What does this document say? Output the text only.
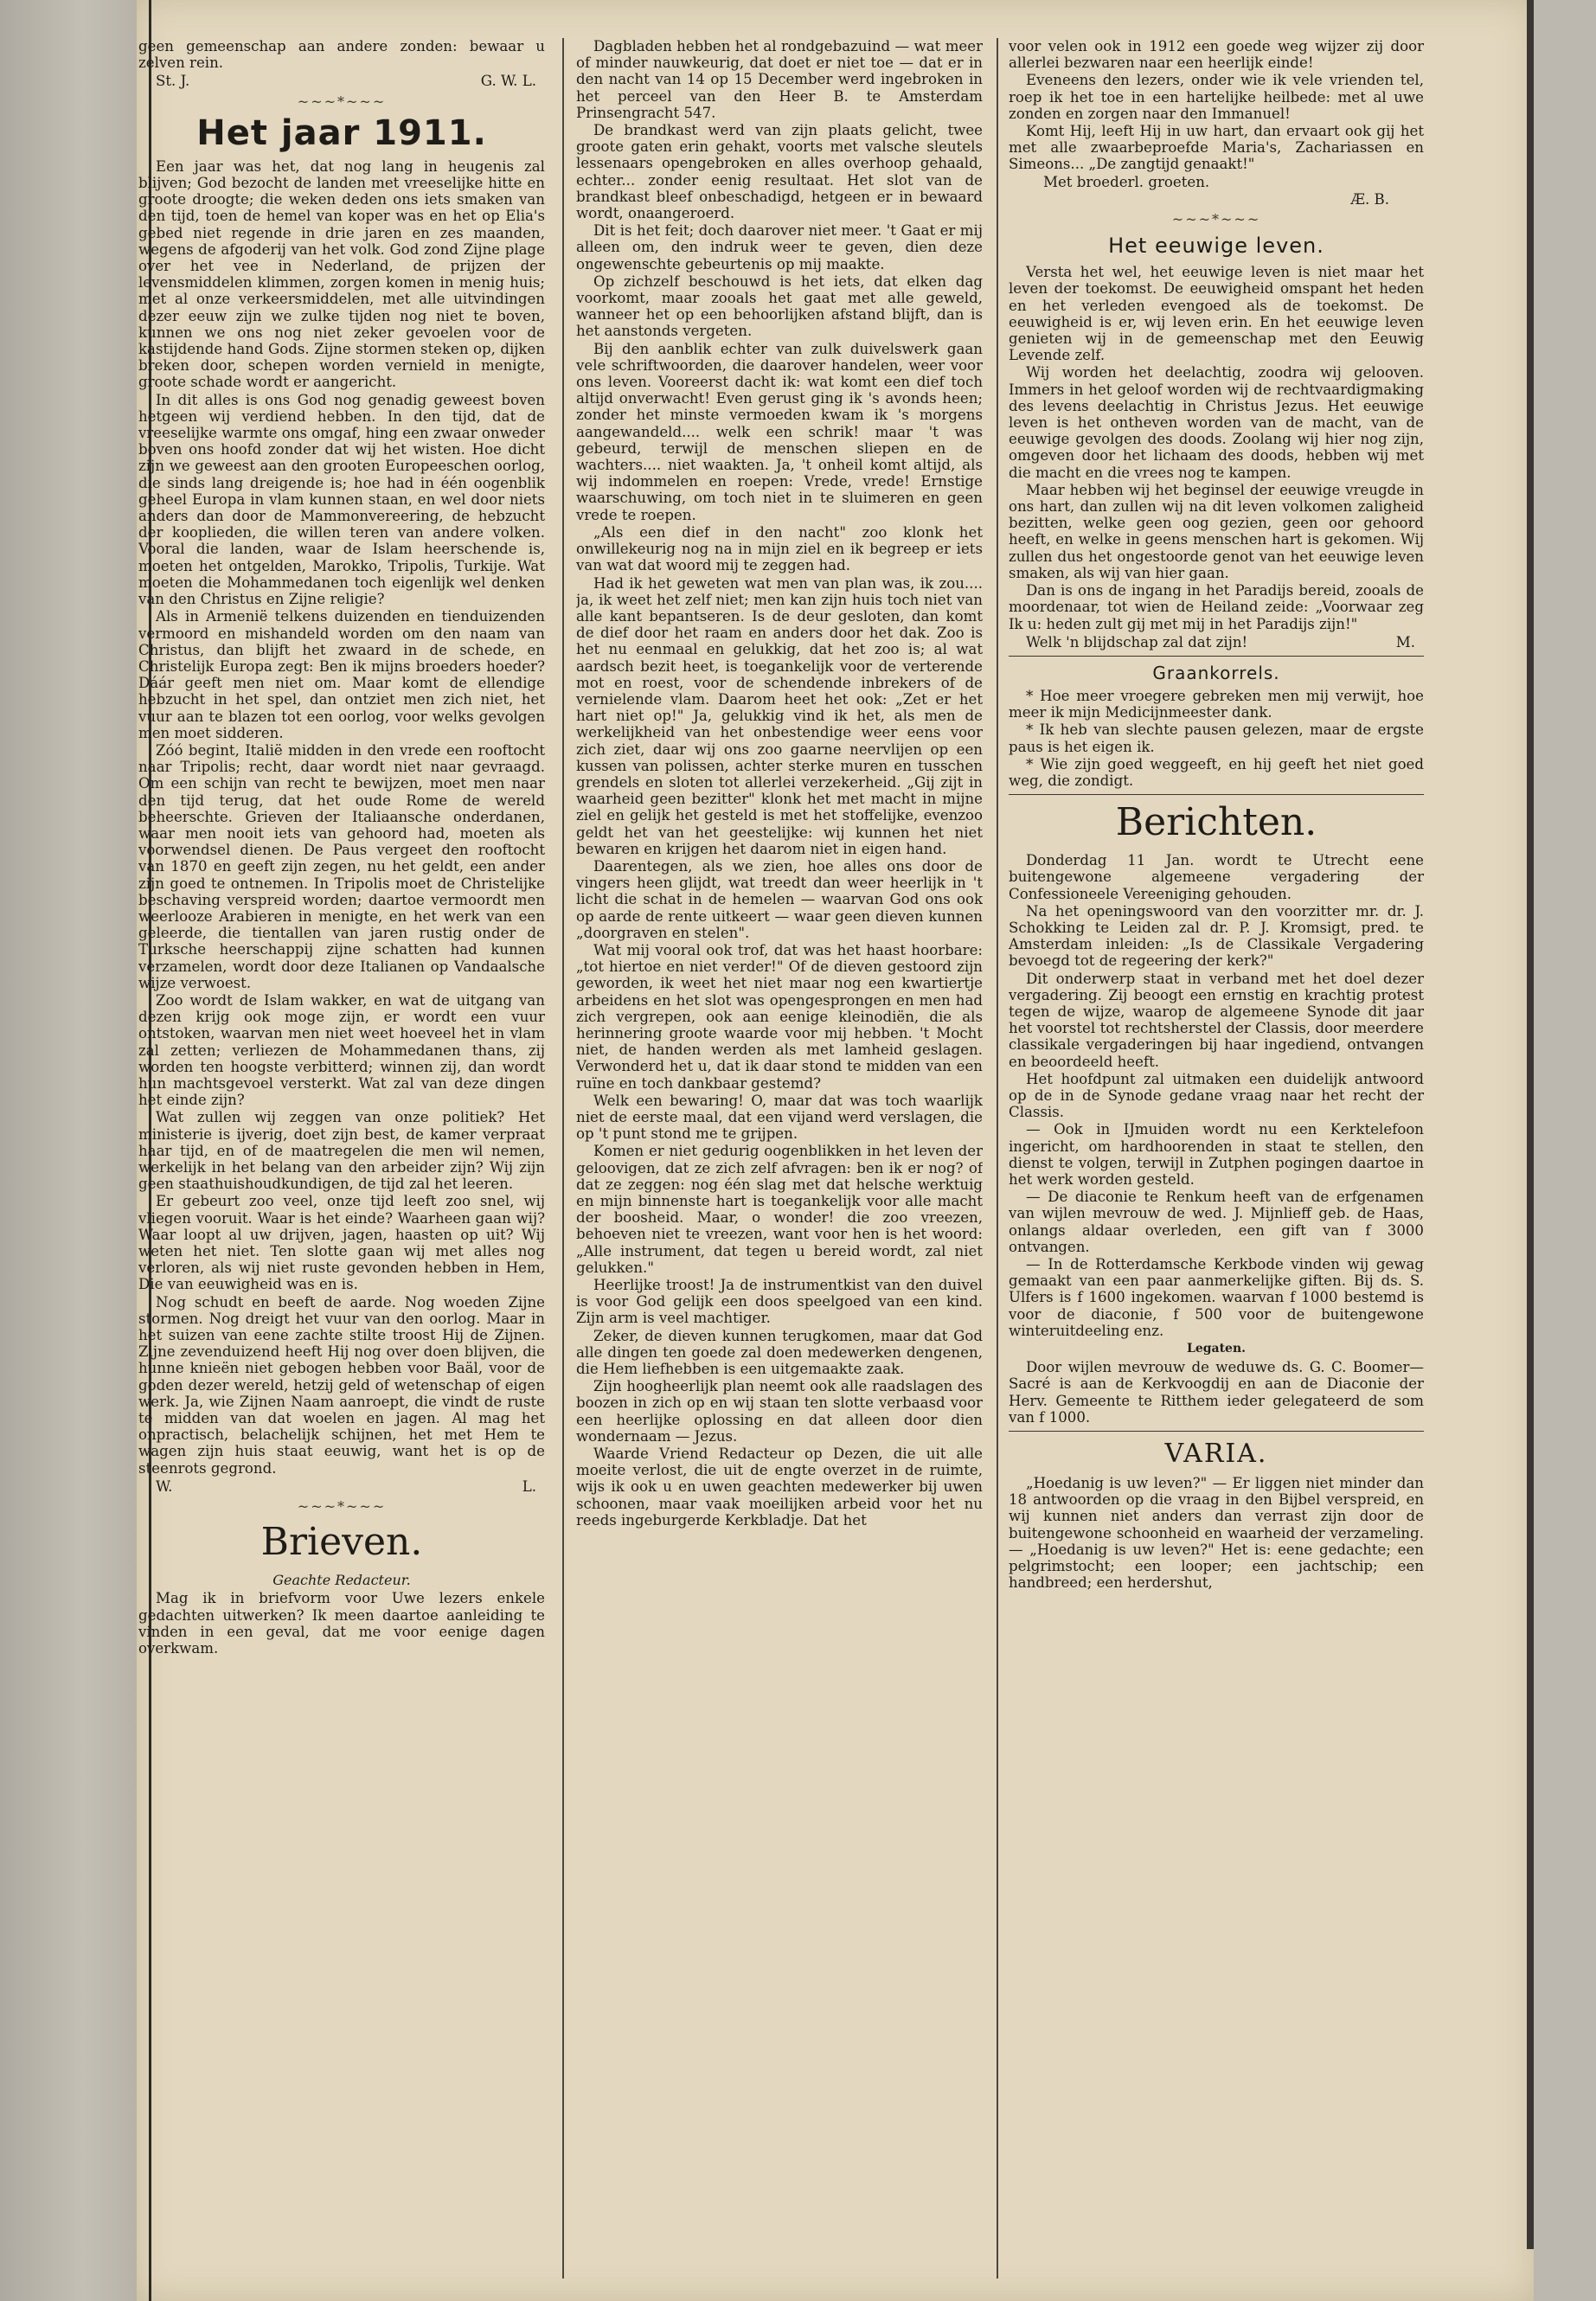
geen gemeenschap aan andere zonden: bewaar u zelven rein.

St. J.	G. W. L.
~~~*~~~
Het jaar 1911.

Een jaar was het, dat nog lang in heugenis zal blijven; God bezocht de landen met vreeselijke hitte en groote droogte; die weken deden ons iets smaken van den tijd, toen de hemel van koper was en het op Elia's gebed niet regende in drie jaren en zes maanden, wegens de afgoderij van het volk. God zond Zijne plage over het vee in Nederland, de prijzen der levensmiddelen klimmen, zorgen komen in menig huis; met al onze verkeersmiddelen, met alle uitvindingen dezer eeuw zijn we zulke tijden nog niet te boven, kunnen we ons nog niet zeker gevoelen voor de kastijdende hand Gods. Zijne stormen steken op, dijken breken door, schepen worden vernield in menigte, groote schade wordt er aangericht.

In dit alles is ons God nog genadig geweest boven hetgeen wij verdiend hebben. In den tijd, dat de vreeselijke warmte ons omgaf, hing een zwaar onweder boven ons hoofd zonder dat wij het wisten. Hoe dicht zijn we geweest aan den grooten Europeeschen oorlog, die sinds lang dreigende is; hoe had in één oogenblik geheel Europa in vlam kunnen staan, en wel door niets anders dan door de Mammonvereering, de hebzucht der kooplieden, die willen teren van andere volken. Vooral die landen, waar de Islam heerschende is, moeten het ontgelden, Marokko, Tripolis, Turkije. Wat moeten die Mohammedanen toch eigenlijk wel denken van den Christus en Zijne religie?

Als in Armenië telkens duizenden en tienduizenden vermoord en mishandeld worden om den naam van Christus, dan blijft het zwaard in de schede, en Christelijk Europa zegt: Ben ik mijns broeders hoeder? Dáár geeft men niet om. Maar komt de ellendige hebzucht in het spel, dan ontziet men zich niet, het vuur aan te blazen tot een oorlog, voor welks gevolgen men moet sidderen.

Zóó begint, Italië midden in den vrede een rooftocht naar Tripolis; recht, daar wordt niet naar gevraagd. Om een schijn van recht te bewijzen, moet men naar den tijd terug, dat het oude Rome de wereld beheerschte. Grieven der Italiaansche onderdanen, waar men nooit iets van gehoord had, moeten als voorwendsel dienen. De Paus vergeet den rooftocht van 1870 en geeft zijn zegen, nu het geldt, een ander zijn goed te ontnemen. In Tripolis moet de Christelijke beschaving verspreid worden; daartoe vermoordt men weerlooze Arabieren in menigte, en het werk van een geleerde, die tientallen van jaren rustig onder de Turksche heerschappij zijne schatten had kunnen verzamelen, wordt door deze Italianen op Vandaalsche wijze verwoest.

Zoo wordt de Islam wakker, en wat de uitgang van dezen krijg ook moge zijn, er wordt een vuur ontstoken, waarvan men niet weet hoeveel het in vlam zal zetten; verliezen de Mohammedanen thans, zij worden ten hoogste verbitterd; winnen zij, dan wordt hun machtsgevoel versterkt. Wat zal van deze dingen het einde zijn?

Wat zullen wij zeggen van onze politiek? Het ministerie is ijverig, doet zijn best, de kamer verpraat haar tijd, en of de maatregelen die men wil nemen, werkelijk in het belang van den arbeider zijn? Wij zijn geen staathuishoudkundigen, de tijd zal het leeren.

Er gebeurt zoo veel, onze tijd leeft zoo snel, wij vliegen vooruit. Waar is het einde? Waarheen gaan wij? Waar loopt al uw drijven, jagen, haasten op uit? Wij weten het niet. Ten slotte gaan wij met alles nog verloren, als wij niet ruste gevonden hebben in Hem, Die van eeuwigheid was en is.

Nog schudt en beeft de aarde. Nog woeden Zijne stormen. Nog dreigt het vuur van den oorlog. Maar in het suizen van eene zachte stilte troost Hij de Zijnen. Zijne zevenduizend heeft Hij nog over doen blijven, die hunne knieën niet gebogen hebben voor Baäl, voor de goden dezer wereld, hetzij geld of wetenschap of eigen werk. Ja, wie Zijnen Naam aanroept, die vindt de ruste te midden van dat woelen en jagen. Al mag het onpractisch, belachelijk schijnen, het met Hem te wagen zijn huis staat eeuwig, want het is op de steenrots gegrond.

W.	L.
~~~*~~~
Brieven.
Geachte Redacteur.

Mag ik in briefvorm voor Uwe lezers enkele gedachten uitwerken? Ik meen daartoe aanleiding te vinden in een geval, dat me voor eenige dagen overkwam.

Dagbladen hebben het al rondgebazuind — wat meer of minder nauwkeurig, dat doet er niet toe — dat er in den nacht van 14 op 15 December werd ingebroken in het perceel van den Heer B. te Amsterdam Prinsengracht 547.

De brandkast werd van zijn plaats gelicht, twee groote gaten erin gehakt, voorts met valsche sleutels lessenaars opengebroken en alles overhoop gehaald, echter... zonder eenig resultaat. Het slot van de brandkast bleef onbeschadigd, hetgeen er in bewaard wordt, onaangeroerd.

Dit is het feit; doch daarover niet meer. 't Gaat er mij alleen om, den indruk weer te geven, dien deze ongewenschte gebeurtenis op mij maakte.

Op zichzelf beschouwd is het iets, dat elken dag voorkomt, maar zooals het gaat met alle geweld, wanneer het op een behoorlijken afstand blijft, dan is het aanstonds vergeten.

Bij den aanblik echter van zulk duivelswerk gaan vele schriftwoorden, die daarover handelen, weer voor ons leven. Vooreerst dacht ik: wat komt een dief toch altijd onverwacht! Even gerust ging ik 's avonds heen; zonder het minste vermoeden kwam ik 's morgens aangewandeld.... welk een schrik! maar 't was gebeurd, terwijl de menschen sliepen en de wachters.... niet waakten. Ja, 't onheil komt altijd, als wij indommelen en roepen: Vrede, vrede! Ernstige waarschuwing, om toch niet in te sluimeren en geen vrede te roepen.

„Als een dief in den nacht" zoo klonk het onwillekeurig nog na in mijn ziel en ik begreep er iets van wat dat woord mij te zeggen had.

Had ik het geweten wat men van plan was, ik zou.... ja, ik weet het zelf niet; men kan zijn huis toch niet van alle kant bepantseren. Is de deur gesloten, dan komt de dief door het raam en anders door het dak. Zoo is het nu eenmaal en gelukkig, dat het zoo is; al wat aardsch bezit heet, is toegankelijk voor de verterende mot en roest, voor de schendende inbrekers of de vernielende vlam. Daarom heet het ook: „Zet er het hart niet op!" Ja, gelukkig vind ik het, als men de werkelijkheid van het onbestendige weer eens voor zich ziet, daar wij ons zoo gaarne neervlijen op een kussen van polissen, achter sterke muren en tusschen grendels en sloten tot allerlei verzekerheid. „Gij zijt in waarheid geen bezitter" klonk het met macht in mijne ziel en gelijk het gesteld is met het stoffelijke, evenzoo geldt het van het geestelijke: wij kunnen het niet bewaren en krijgen het daarom niet in eigen hand.

Daarentegen, als we zien, hoe alles ons door de vingers heen glijdt, wat treedt dan weer heerlijk in 't licht die schat in de hemelen — waarvan God ons ook op aarde de rente uitkeert — waar geen dieven kunnen „doorgraven en stelen".

Wat mij vooral ook trof, dat was het haast hoorbare: „tot hiertoe en niet verder!" Of de dieven gestoord zijn geworden, ik weet het niet maar nog een kwartiertje arbeidens en het slot was opengesprongen en men had zich vergrepen, ook aan eenige kleinodiën, die als herinnering groote waarde voor mij hebben. 't Mocht niet, de handen werden als met lamheid geslagen. Verwonderd het u, dat ik daar stond te midden van een ruïne en toch dankbaar gestemd?

Welk een bewaring! O, maar dat was toch waarlijk niet de eerste maal, dat een vijand werd verslagen, die op 't punt stond me te grijpen.

Komen er niet gedurig oogenblikken in het leven der geloovigen, dat ze zich zelf afvragen: ben ik er nog? of dat ze zeggen: nog één slag met dat helsche werktuig en mijn binnenste hart is toegankelijk voor alle macht der boosheid. Maar, o wonder! die zoo vreezen, behoeven niet te vreezen, want voor hen is het woord: „Alle instrument, dat tegen u bereid wordt, zal niet gelukken."

Heerlijke troost! Ja de instrumentkist van den duivel is voor God gelijk een doos speelgoed van een kind. Zijn arm is veel machtiger.

Zeker, de dieven kunnen terugkomen, maar dat God alle dingen ten goede zal doen medewerken dengenen, die Hem liefhebben is een uitgemaakte zaak.

Zijn hoogheerlijk plan neemt ook alle raadslagen des boozen in zich op en wij staan ten slotte verbaasd voor een heerlijke oplossing en dat alleen door dien wondernaam — Jezus.

Waarde Vriend Redacteur op Dezen, die uit alle moeite verlost, die uit de engte overzet in de ruimte, wijs ik ook u en uwen geachten medewerker bij uwen schoonen, maar vaak moeilijken arbeid voor het nu reeds ingeburgerde Kerkbladje. Dat het

voor velen ook in 1912 een goede weg wijzer zij door allerlei bezwaren naar een heerlijk einde!

Eveneens den lezers, onder wie ik vele vrienden tel, roep ik het toe in een hartelijke heilbede: met al uwe zonden en zorgen naar den Immanuel!

Komt Hij, leeft Hij in uw hart, dan ervaart ook gij het met alle zwaarbeproefde Maria's, Zachariassen en Simeons... „De zangtijd genaakt!"

Met broederl. groeten.

Æ. B.

~~~*~~~
Het eeuwige leven.

Versta het wel, het eeuwige leven is niet maar het leven der toekomst. De eeuwigheid omspant het heden en het verleden evengoed als de toekomst. De eeuwigheid is er, wij leven erin. En het eeuwige leven genieten wij in de gemeenschap met den Eeuwig Levende zelf.

Wij worden het deelachtig, zoodra wij gelooven. Immers in het geloof worden wij de rechtvaardigmaking des levens deelachtig in Christus Jezus. Het eeuwige leven is het ontheven worden van de macht, van de eeuwige gevolgen des doods. Zoolang wij hier nog zijn, omgeven door het lichaam des doods, hebben wij met die macht en die vrees nog te kampen.

Maar hebben wij het beginsel der eeuwige vreugde in ons hart, dan zullen wij na dit leven volkomen zaligheid bezitten, welke geen oog gezien, geen oor gehoord heeft, en welke in geens menschen hart is gekomen. Wij zullen dus het ongestoorde genot van het eeuwige leven smaken, als wij van hier gaan.

Dan is ons de ingang in het Paradijs bereid, zooals de moordenaar, tot wien de Heiland zeide: „Voorwaar zeg Ik u: heden zult gij met mij in het Paradijs zijn!"

Welk 'n blijdschap zal dat zijn!	M.
Graankorrels.

* Hoe meer vroegere gebreken men mij verwijt, hoe meer ik mijn Medicijnmeester dank.

* Ik heb van slechte pausen gelezen, maar de ergste paus is het eigen ik.

* Wie zijn goed weggeeft, en hij geeft het niet goed weg, die zondigt.

Berichten.

Donderdag 11 Jan. wordt te Utrecht eene buitengewone algemeene vergadering der Confessioneele Vereeniging gehouden.

Na het openingswoord van den voorzitter mr. dr. J. Schokking te Leiden zal dr. P. J. Kromsigt, pred. te Amsterdam inleiden: „Is de Classikale Vergadering bevoegd tot de regeering der kerk?"

Dit onderwerp staat in verband met het doel dezer vergadering. Zij beoogt een ernstig en krachtig protest tegen de wijze, waarop de algemeene Synode dit jaar het voorstel tot rechtsherstel der Classis, door meerdere classikale vergaderingen bij haar ingediend, ontvangen en beoordeeld heeft.

Het hoofdpunt zal uitmaken een duidelijk antwoord op de in de Synode gedane vraag naar het recht der Classis.

— Ook in IJmuiden wordt nu een Kerktelefoon ingericht, om hardhoorenden in staat te stellen, den dienst te volgen, terwijl in Zutphen pogingen daartoe in het werk worden gesteld.

— De diaconie te Renkum heeft van de erfgenamen van wijlen mevrouw de wed. J. Mijnlieff geb. de Haas, onlangs aldaar overleden, een gift van f 3000 ontvangen.

— In de Rotterdamsche Kerkbode vinden wij gewag gemaakt van een paar aanmerkelijke giften. Bij ds. S. Ulfers is f 1600 ingekomen. waarvan f 1000 bestemd is voor de diaconie, f 500 voor de buitengewone winteruitdeeling enz.

Legaten.

Door wijlen mevrouw de weduwe ds. G. C. Boomer—Sacré is aan de Kerkvoogdij en aan de Diaconie der Herv. Gemeente te Ritthem ieder gelegateerd de som van f 1000.

VARIA.

„Hoedanig is uw leven?" — Er liggen niet minder dan 18 antwoorden op die vraag in den Bijbel verspreid, en wij kunnen niet anders dan verrast zijn door de buitengewone schoonheid en waarheid der verzameling. — „Hoedanig is uw leven?" Het is: eene gedachte; een pelgrimstocht; een looper; een jachtschip; een handbreed; een herdershut,
